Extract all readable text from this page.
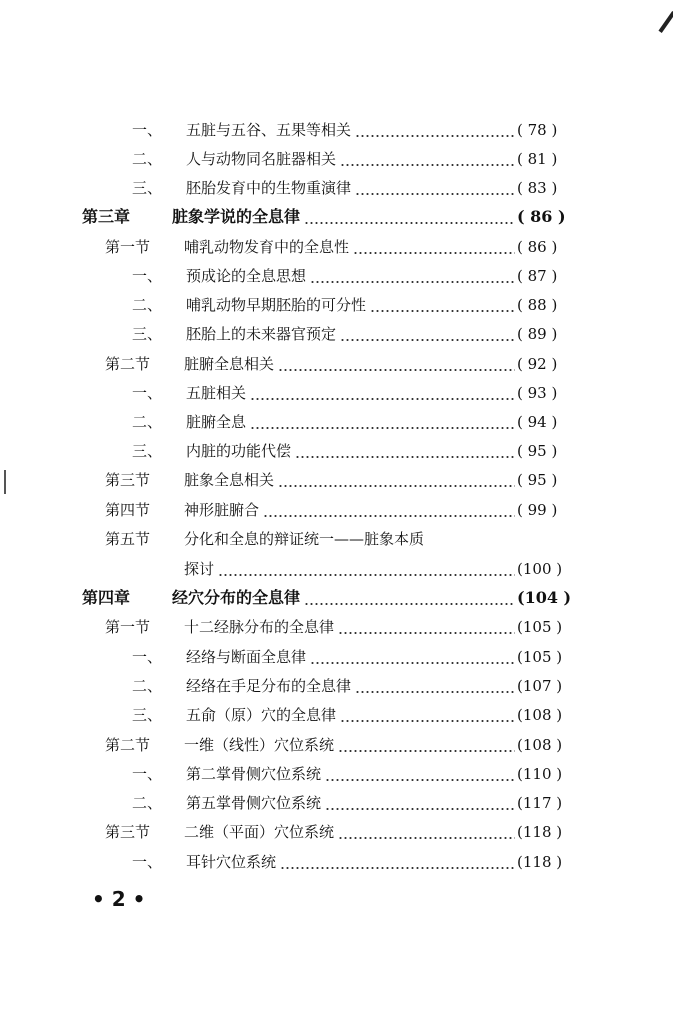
一、 五脏与五谷、五果等相关	( 78 )
二、 人与动物同名脏器相关	( 81 )
三、 胚胎发育中的生物重演律	( 83 )
第三章	脏象学说的全息律	( 86 )
第一节 哺乳动物发育中的全息性	( 86 )
一、 预成论的全息思想	( 87 )
二、 哺乳动物早期胚胎的可分性	( 88 )
三、 胚胎上的未来器官预定	( 89 )
第二节 脏腑全息相关	( 92 )
一、 五脏相关	( 93 )
二、 脏腑全息	( 94 )
三、 内脏的功能代偿	( 95 )
第三节 脏象全息相关	( 95 )
第四节 神形脏腑合	( 99 )
第五节 分化和全息的辩证统一——脏象本质
探讨	(100 )
第四章	经穴分布的全息律	(104 )
第一节 十二经脉分布的全息律	(105 )
一、 经络与断面全息律	(105 )
二、 经络在手足分布的全息律	(107 )
三、 五俞（原）穴的全息律	(108 )
第二节 一维（线性）穴位系统	(108 )
一、 第二掌骨侧穴位系统	(110 )
二、 第五掌骨侧穴位系统	(117 )
第三节 二维（平面）穴位系统	(118 )
一、 耳针穴位系统	(118 )
• 2 •
